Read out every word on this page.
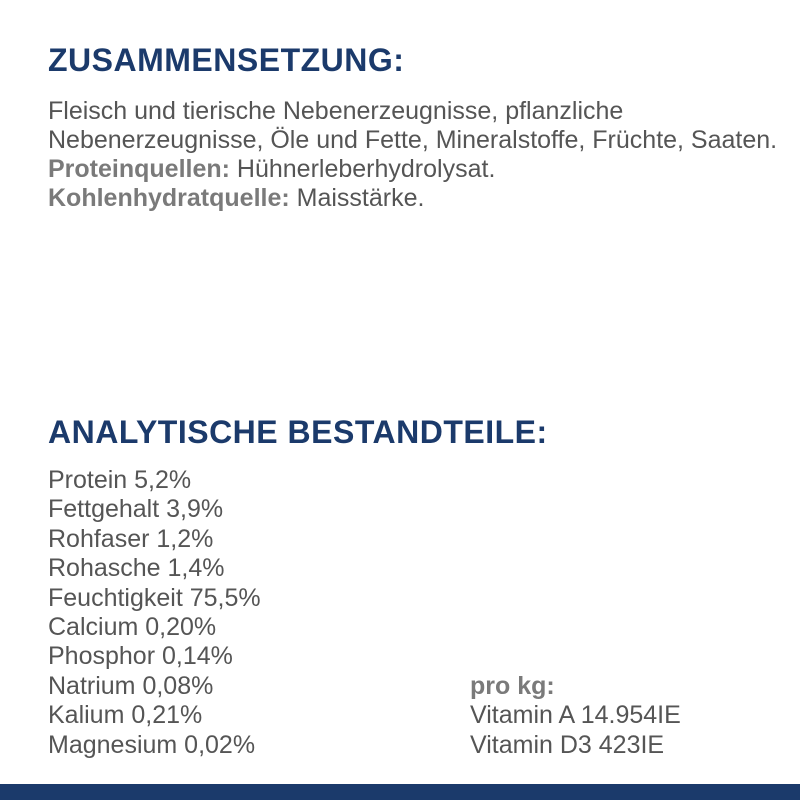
ZUSAMMENSETZUNG:

Fleisch und tierische Nebenerzeugnisse, pflanzliche Nebenerzeugnisse, Öle und Fette, Mineralstoffe, Früchte, Saaten.

Proteinquellen: Hühnerleberhydrolysat.

Kohlenhydratquelle: Maisstärke.

ANALYTISCHE BESTANDTEILE:
Protein 5,2%
Fettgehalt 3,9%
Rohfaser 1,2%
Rohasche 1,4%
Feuchtigkeit 75,5%
Calcium 0,20%
Phosphor 0,14%
Natrium 0,08%
Kalium 0,21%
Magnesium 0,02%
pro kg:
Vitamin A 14.954IE
Vitamin D3 423IE
